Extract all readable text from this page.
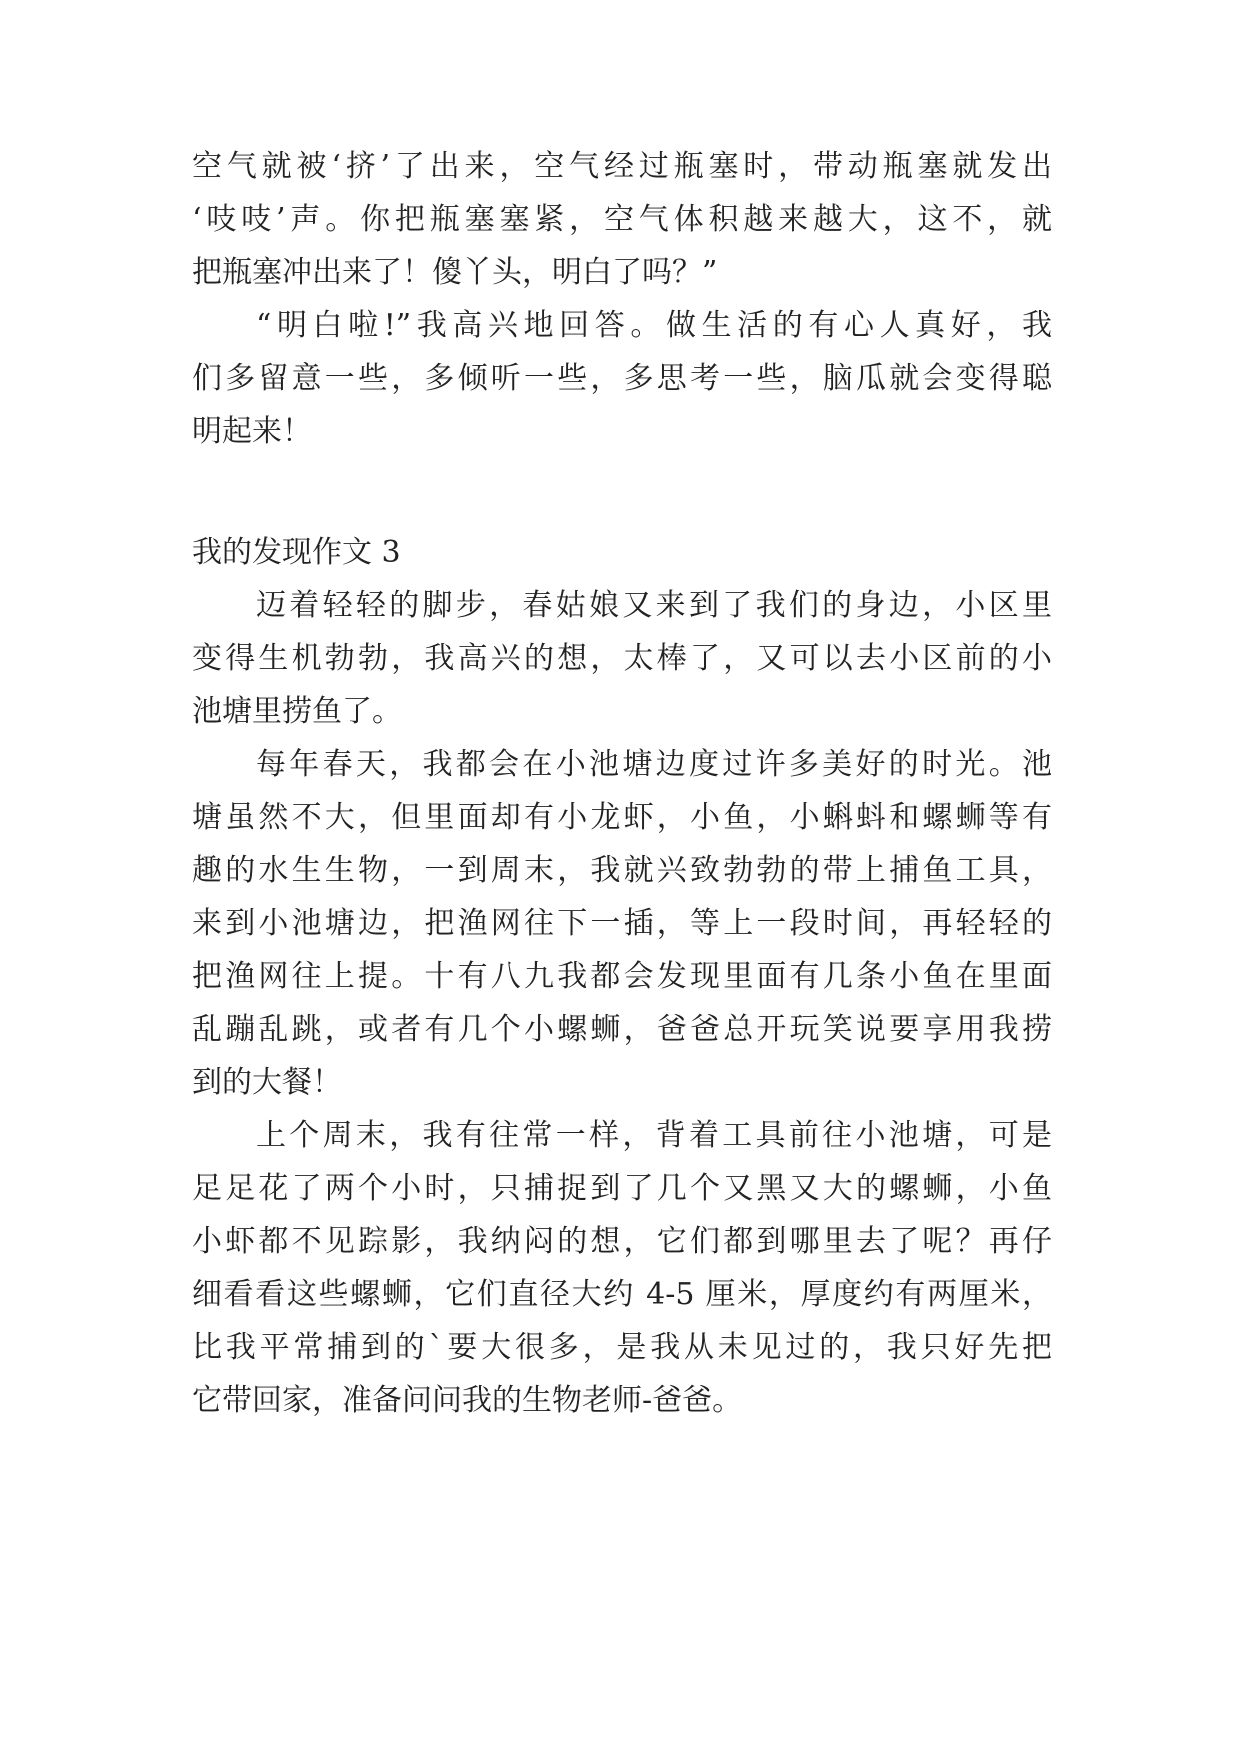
空气就被‘挤’了出来，空气经过瓶塞时，带动瓶塞就发出
‘吱吱’声。你把瓶塞塞紧，空气体积越来越大，这不，就
把瓶塞冲出来了！傻丫头，明白了吗？”
“明白啦!”我高兴地回答。做生活的有心人真好，我
们多留意一些，多倾听一些，多思考一些，脑瓜就会变得聪
明起来！
我的发现作文 3
迈着轻轻的脚步，春姑娘又来到了我们的身边，小区里
变得生机勃勃，我高兴的想，太棒了，又可以去小区前的小
池塘里捞鱼了。
每年春天，我都会在小池塘边度过许多美好的时光。池
塘虽然不大，但里面却有小龙虾，小鱼，小蝌蚪和螺蛳等有
趣的水生生物，一到周末，我就兴致勃勃的带上捕鱼工具，
来到小池塘边，把渔网往下一插，等上一段时间，再轻轻的
把渔网往上提。十有八九我都会发现里面有几条小鱼在里面
乱蹦乱跳，或者有几个小螺蛳，爸爸总开玩笑说要享用我捞
到的大餐！
上个周末，我有往常一样，背着工具前往小池塘，可是
足足花了两个小时，只捕捉到了几个又黑又大的螺蛳，小鱼
小虾都不见踪影，我纳闷的想，它们都到哪里去了呢？再仔
细看看这些螺蛳，它们直径大约 4-5 厘米，厚度约有两厘米，
比我平常捕到的`要大很多，是我从未见过的，我只好先把
它带回家，准备问问我的生物老师-爸爸。
